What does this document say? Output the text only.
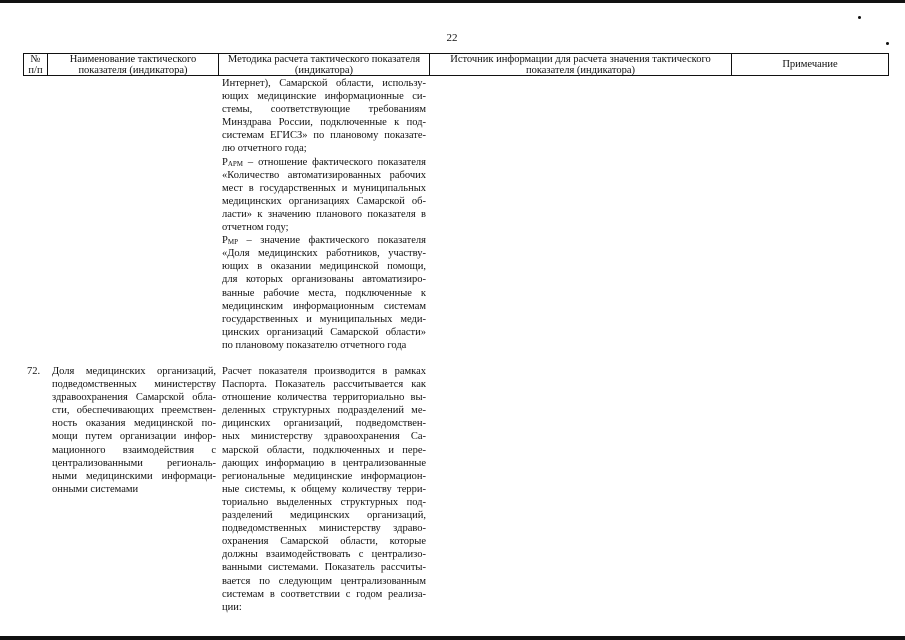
22
№
п/п
Наименование тактического
показателя (индикатора)
Методика расчета тактического показателя
(индикатора)
Источник информации для расчета значения тактического
показателя (индикатора)	Примечание
Интернет), Самарской области, использу-
ющих медицинские информационные си-
стемы, соответствующие требованиям
Минздрава России, подключенные к под-
системам ЕГИСЗ» по плановому показате-
лю отчетного года;
$P_{АРМ}$ – отношение фактического показателя
«Количество автоматизированных рабочих
мест в государственных и муниципальных
медицинских организациях Самарской об-
ласти» к значению планового показателя в
отчетном году;
$P_{МР}$ – значение фактического показателя
«Доля медицинских работников, участву-
ющих в оказании медицинской помощи,
для которых организованы автоматизиро-
ванные рабочие места, подключенные к
медицинским информационным системам
государственных и муниципальных меди-
цинских организаций Самарской области»
по плановому показателю отчетного года
72.	Доля медицинских организаций,
подведомственных министерству
здравоохранения Самарской обла-
сти, обеспечивающих преемствен-
ность оказания медицинской по-
мощи путем организации инфор-
мационного взаимодействия с
централизованными региональ-
ными медицинскими информаци-
онными системами
Расчет показателя производится в рамках
Паспорта. Показатель рассчитывается как
отношение количества территориально вы-
деленных структурных подразделений ме-
дицинских организаций, подведомствен-
ных министерству здравоохранения Са-
марской области, подключенных и пере-
дающих информацию в централизованные
региональные медицинские информацион-
ные системы, к общему количеству терри-
ториально выделенных структурных под-
разделений медицинских организаций,
подведомственных министерству здраво-
охранения Самарской области, которые
должны взаимодействовать с централизо-
ванными системами. Показатель рассчиты-
вается по следующим централизованным
системам в соответствии с годом реализа-
ции:
